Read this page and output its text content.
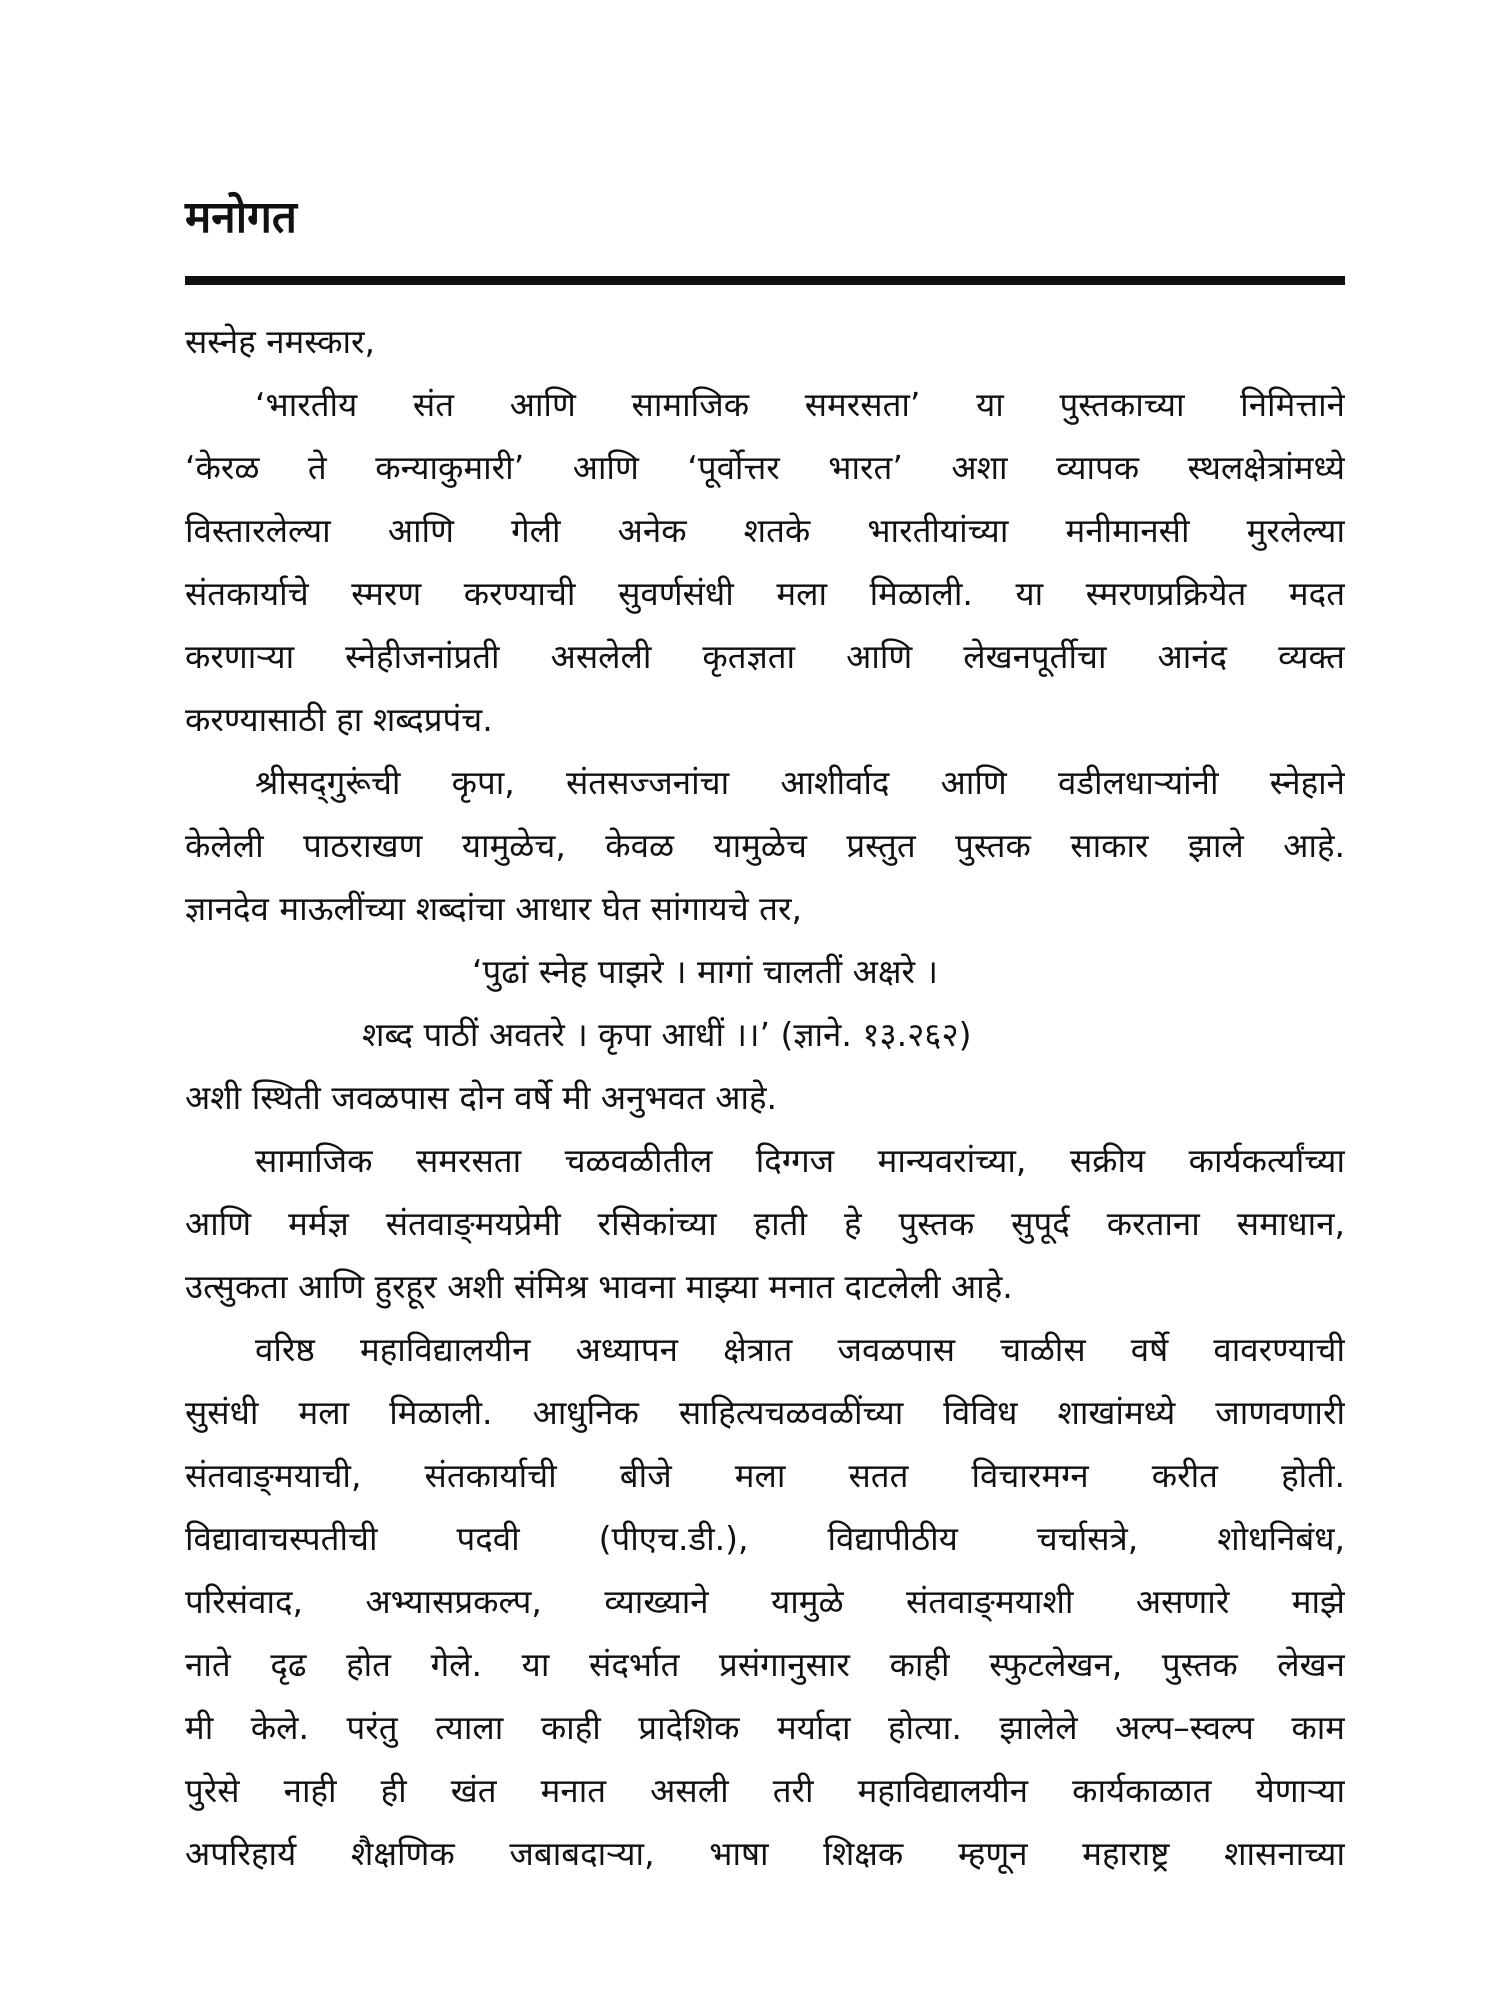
मनोगत
सस्नेह नमस्कार,
‘भारतीय संत आणि सामाजिक समरसता’ या पुस्तकाच्या निमित्ताने
‘केरळ ते कन्याकुमारी’ आणि ‘पूर्वोत्तर भारत’ अशा व्यापक स्थलक्षेत्रांमध्ये
विस्तारलेल्या आणि गेली अनेक शतके भारतीयांच्या मनीमानसी मुरलेल्या
संतकार्याचे स्मरण करण्याची सुवर्णसंधी मला मिळाली. या स्मरणप्रक्रियेत मदत
करणाऱ्या स्नेहीजनांप्रती असलेली कृतज्ञता आणि लेखनपूर्तीचा आनंद व्यक्त
करण्यासाठी हा शब्दप्रपंच.
श्रीसद्‌गुरूंची कृपा, संतसज्जनांचा आशीर्वाद आणि वडीलधाऱ्यांनी स्नेहाने
केलेली पाठराखण यामुळेच, केवळ यामुळेच प्रस्तुत पुस्तक साकार झाले आहे.
ज्ञानदेव माऊलींच्या शब्दांचा आधार घेत सांगायचे तर,
‘पुढां स्नेह पाझरे । मागां चालतीं अक्षरे ।
शब्द पाठीं अवतरे । कृपा आधीं ।।’ (ज्ञाने. १३.२६२)
अशी स्थिती जवळपास दोन वर्षे मी अनुभवत आहे.
सामाजिक समरसता चळवळीतील दिग्गज मान्यवरांच्या, सक्रीय कार्यकर्त्यांच्या
आणि मर्मज्ञ संतवाङ्‌मयप्रेमी रसिकांच्या हाती हे पुस्तक सुपूर्द करताना समाधान,
उत्सुकता आणि हुरहूर अशी संमिश्र भावना माझ्या मनात दाटलेली आहे.
वरिष्ठ महाविद्यालयीन अध्यापन क्षेत्रात जवळपास चाळीस वर्षे वावरण्याची
सुसंधी मला मिळाली. आधुनिक साहित्यचळवळींच्या विविध शाखांमध्ये जाणवणारी
संतवाङ्‌मयाची, संतकार्याची बीजे मला सतत विचारमग्न करीत होती.
विद्यावाचस्पतीची पदवी (पीएच.डी.), विद्यापीठीय चर्चासत्रे, शोधनिबंध,
परिसंवाद, अभ्यासप्रकल्प, व्याख्याने यामुळे संतवाङ्‌मयाशी असणारे माझे
नाते दृढ होत गेले. या संदर्भात प्रसंगानुसार काही स्फुटलेखन, पुस्तक लेखन
मी केले. परंतु त्याला काही प्रादेशिक मर्यादा होत्या. झालेले अल्प–स्वल्प काम
पुरेसे नाही ही खंत मनात असली तरी महाविद्यालयीन कार्यकाळात येणाऱ्या
अपरिहार्य शैक्षणिक जबाबदाऱ्या, भाषा शिक्षक म्हणून महाराष्ट्र शासनाच्या
